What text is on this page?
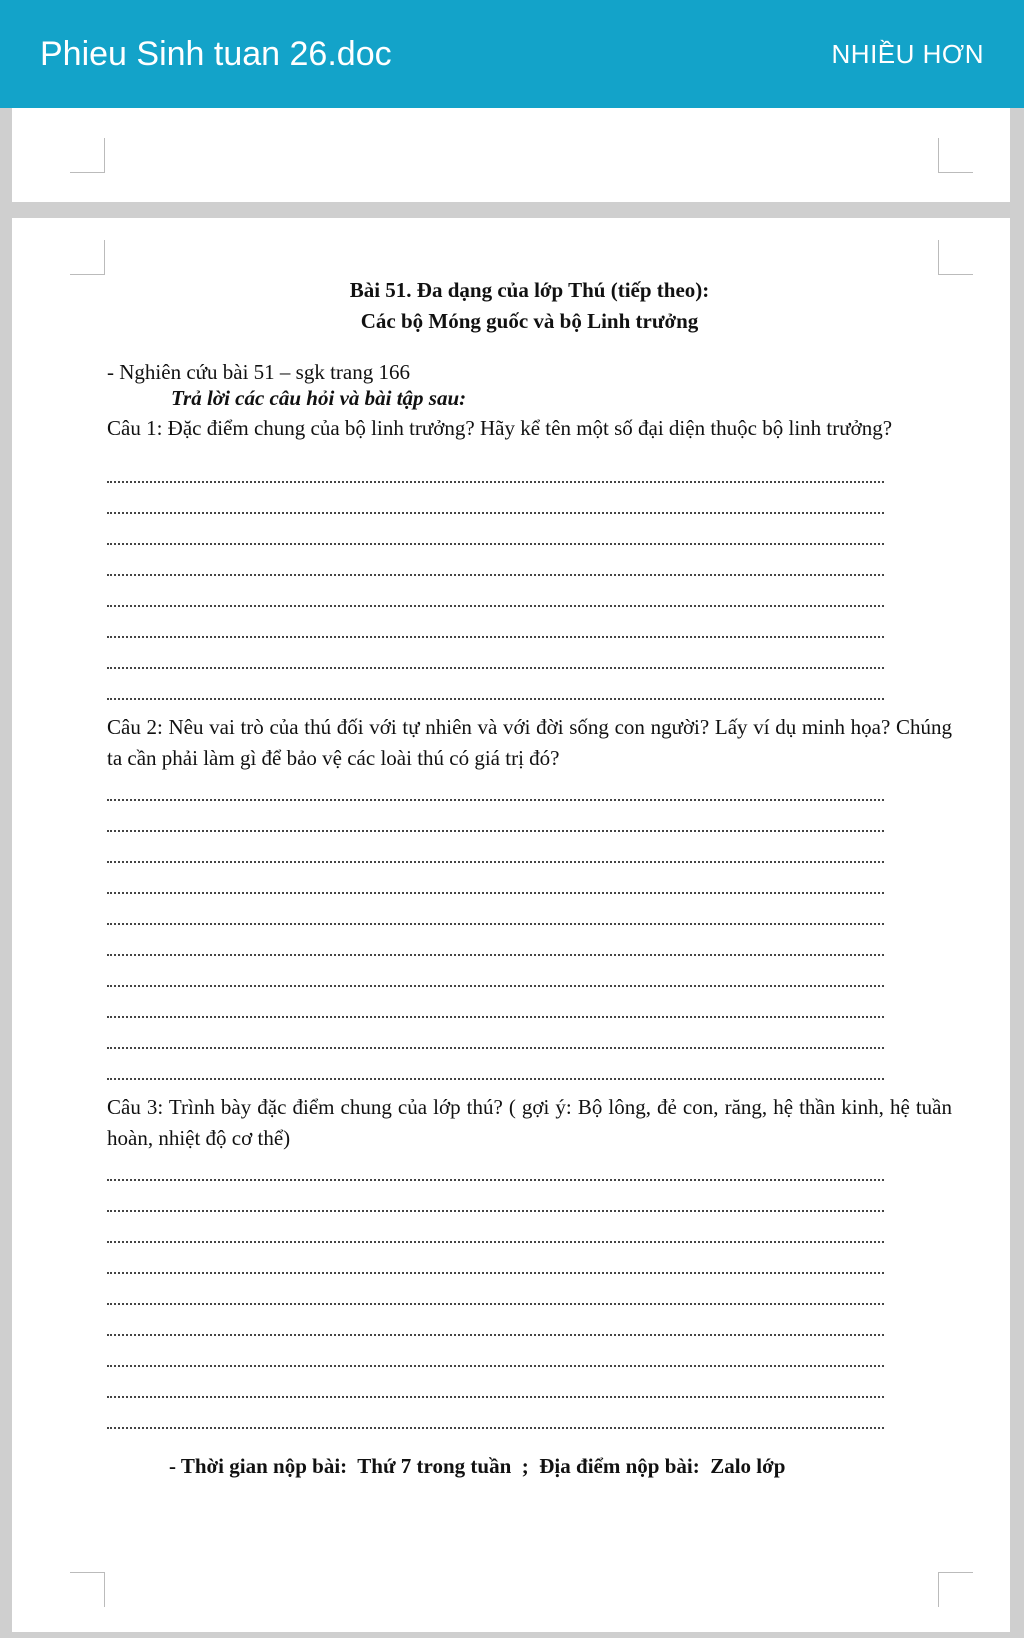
Phieu Sinh tuan 26.doc	NHIỀU HƠN
Bài 51. Đa dạng của lớp Thú (tiếp theo):
Các bộ Móng guốc và bộ Linh trưởng
- Nghiên cứu bài 51 – sgk trang 166
Trả lời các câu hỏi và bài tập sau:
Câu 1: Đặc điểm chung của bộ linh trưởng? Hãy kể tên một số đại diện thuộc bộ linh trưởng?
Câu 2: Nêu vai trò của thú đối với tự nhiên và với đời sống con người? Lấy ví dụ minh họa? Chúng ta cần phải làm gì để bảo vệ các loài thú có giá trị đó?
Câu 3: Trình bày đặc điểm chung của lớp thú? ( gợi ý: Bộ lông, đẻ con, răng, hệ thần kinh, hệ tuần hoàn, nhiệt độ cơ thể)
- Thời gian nộp bài:  Thứ 7 trong tuần  ;  Địa điểm nộp bài:  Zalo lớp
